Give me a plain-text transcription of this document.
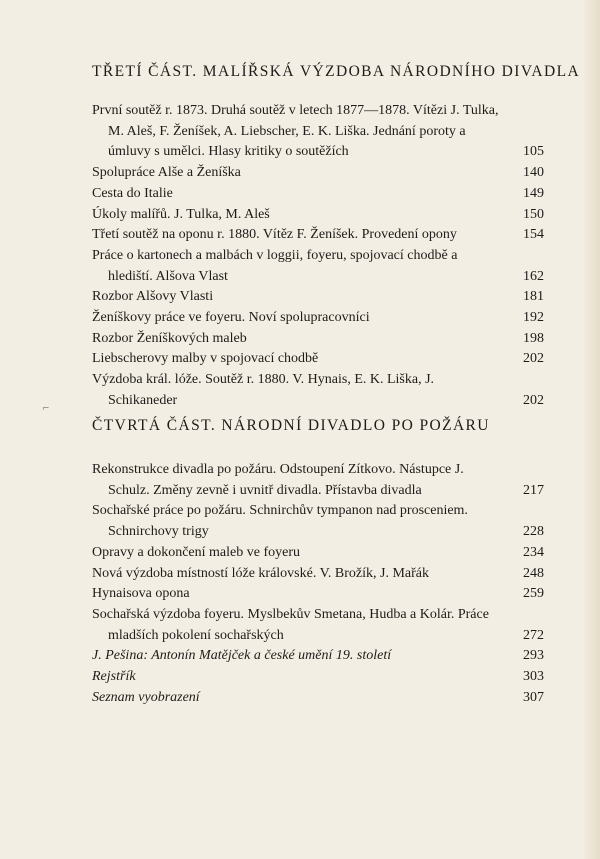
⌐
TŘETÍ ČÁST. MALÍŘSKÁ VÝZDOBA NÁRODNÍHO DIVADLA
První soutěž r. 1873. Druhá soutěž v letech 1877—1878. Vítězi J. Tulka, M. Aleš, F. Ženíšek, A. Liebscher, E. K. Liška. Jednání poroty a úmluvy s umělci. Hlasy kritiky o soutěžích	105
Spolupráce Alše a Ženíška	140
Cesta do Italie	149
Úkoly malířů. J. Tulka, M. Aleš	150
Třetí soutěž na oponu r. 1880. Vítěz F. Ženíšek. Provedení opony	154
Práce o kartonech a malbách v loggii, foyeru, spojovací chodbě a hlediští. Alšova Vlast	162
Rozbor Alšovy Vlasti	181
Ženíškovy práce ve foyeru. Noví spolupracovníci	192
Rozbor Ženíškových maleb	198
Liebscherovy malby v spojovací chodbě	202
Výzdoba král. lóže. Soutěž r. 1880. V. Hynais, E. K. Liška, J. Schikaneder	202
ČTVRTÁ ČÁST. NÁRODNÍ DIVADLO PO POŽÁRU
Rekonstrukce divadla po požáru. Odstoupení Zítkovo. Nástupce J. Schulz. Změny zevně i uvnitř divadla. Přístavba divadla	217
Sochařské práce po požáru. Schnirchův tympanon nad prosceniem. Schnirchovy trigy	228
Opravy a dokončení maleb ve foyeru	234
Nová výzdoba místností lóže královské. V. Brožík, J. Mařák	248
Hynaisova opona	259
Sochařská výzdoba foyeru. Myslbekův Smetana, Hudba a Kolár. Práce mladších pokolení sochařských	272
J. Pešina: Antonín Matějček a české umění 19. století	293
Rejstřík	303
Seznam vyobrazení	307
